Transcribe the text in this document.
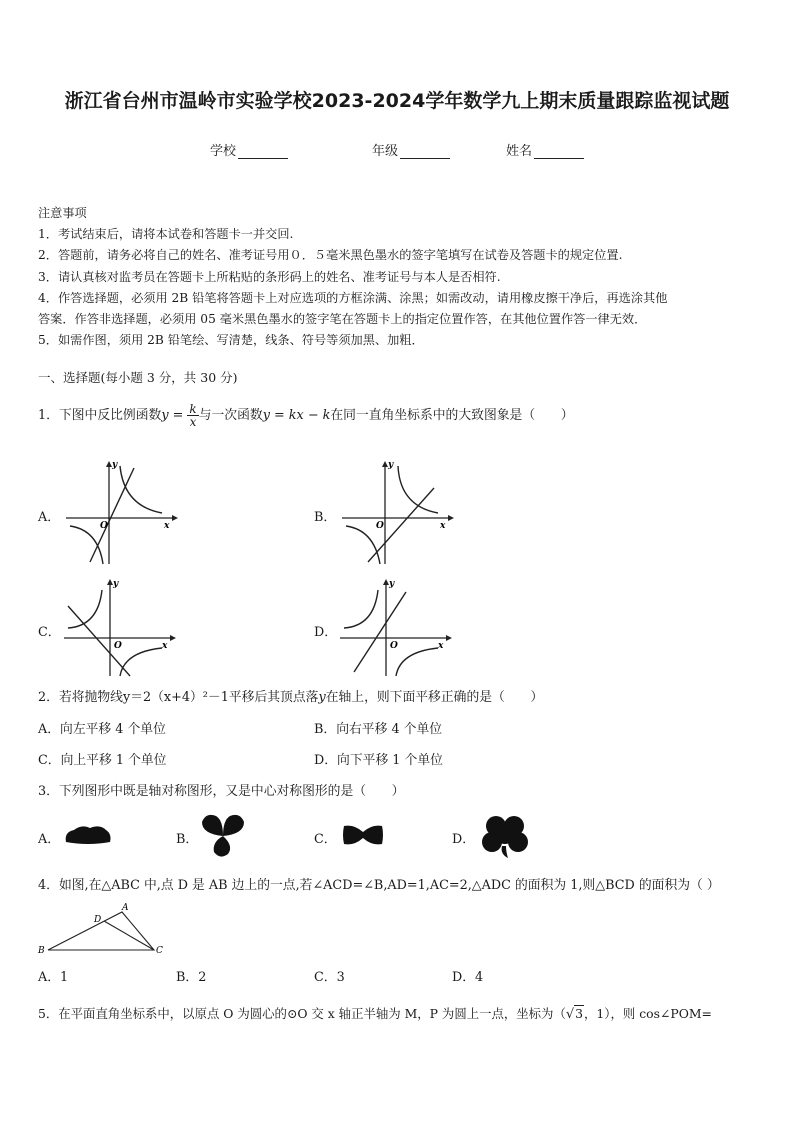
浙江省台州市温岭市实验学校2023-2024学年数学九上期末质量跟踪监视试题
学校	年级	姓名

注意事项

1．考试结束后，请将本试卷和答题卡一并交回.

2．答题前，请务必将自己的姓名、准考证号用０．５毫米黑色墨水的签字笔填写在试卷及答题卡的规定位置.

3．请认真核对监考员在答题卡上所粘贴的条形码上的姓名、准考证号与本人是否相符.

4．作答选择题，必须用 2B 铅笔将答题卡上对应选项的方框涂满、涂黑；如需改动，请用橡皮擦干净后，再选涂其他

答案．作答非选择题，必须用 05 毫米黑色墨水的签字笔在答题卡上的指定位置作答，在其他位置作答一律无效．

5．如需作图，须用 2B 铅笔绘、写清楚，线条、符号等须加黑、加粗．

一、选择题(每小题 3 分，共 30 分)
1．下图中反比例函数$y = \frac{k}{x}$ 与一次函数y = kx − k在同一直角坐标系中的大致图象是（　　）
A．	B．
C．	D．
y
x
O
y
x
O
y
x
O
y
x
O
2．若将抛物线y＝2（x+4）²－1平移后其顶点落y在轴上，则下面平移正确的是（　　）
A．向左平移 4 个单位	B．向右平移 4 个单位
C．向上平移 1 个单位	D．向下平移 1 个单位
3．下列图形中既是轴对称图形，又是中心对称图形的是（　　）
A．	B．	C．	D．
4．如图,在△ABC 中,点 D 是 AB 边上的一点,若∠ACD=∠B,AD=1,AC=2,△ADC 的面积为 1,则△BCD 的面积为（ ）
A
B	C
D
A．1	B．2	C．3	D．4
5．在平面直角坐标系中，以原点 O 为圆心的⊙O 交 x 轴正半轴为 M，P 为圆上一点，坐标为（√3，1），则 cos∠POM=
